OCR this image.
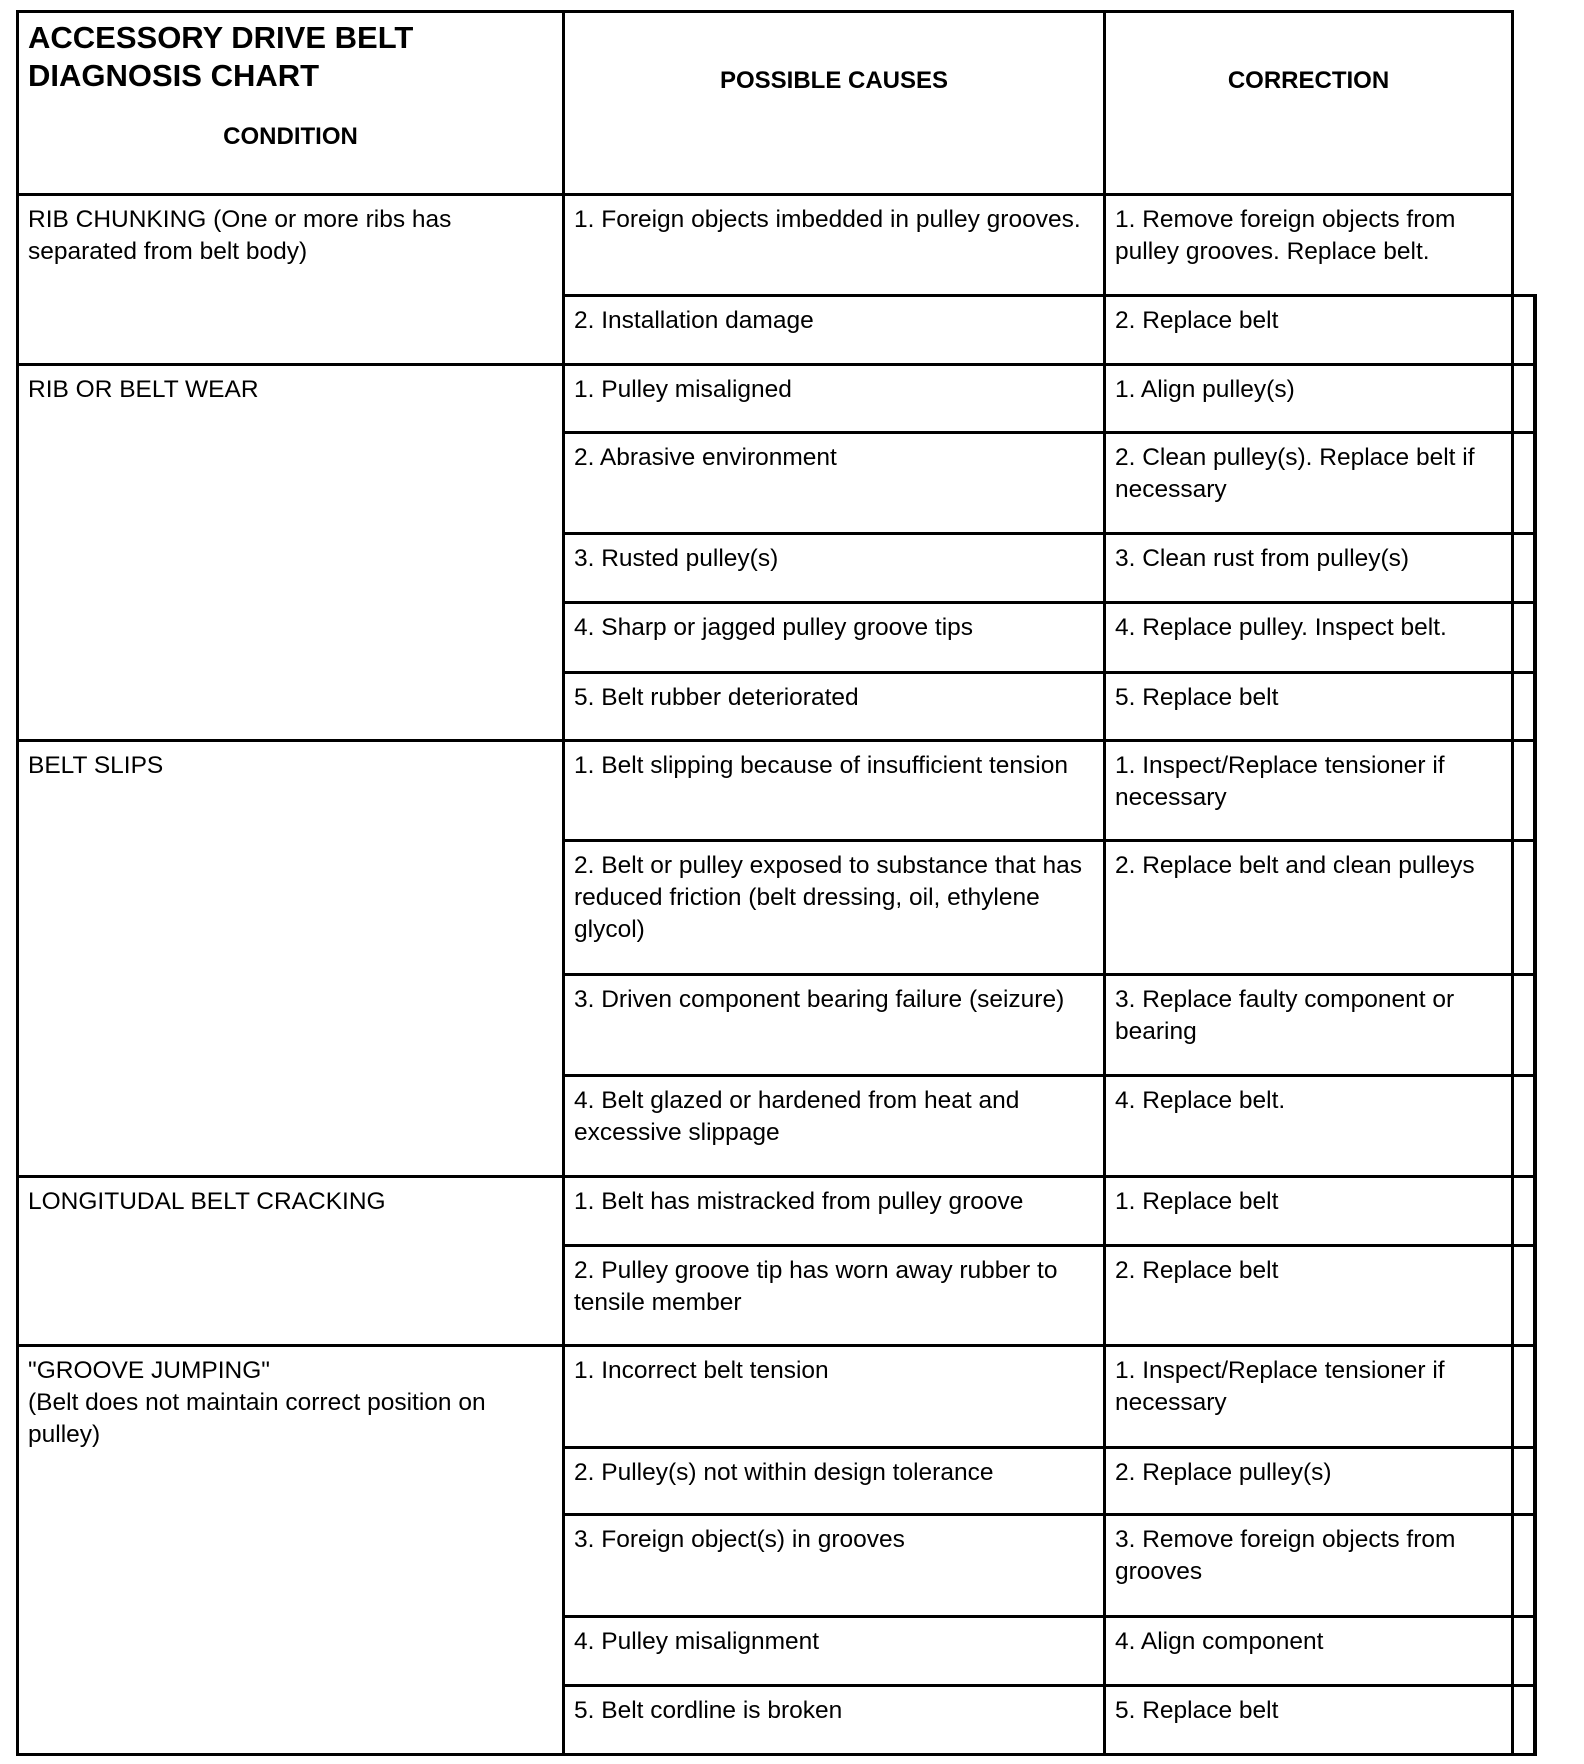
ACCESSORY DRIVE BELT DIAGNOSIS CHART
CONDITION	POSSIBLE CAUSES	CORRECTION	
RIB CHUNKING (One or more ribs has separated from belt body)	1. Foreign objects imbedded in pulley grooves.	1. Remove foreign objects from pulley grooves. Replace belt.	
	2. Installation damage	2. Replace belt	
RIB OR BELT WEAR	1. Pulley misaligned	1. Align pulley(s)	
	2. Abrasive environment	2. Clean pulley(s). Replace belt if necessary	
	3. Rusted pulley(s)	3. Clean rust from pulley(s)	
	4. Sharp or jagged pulley groove tips	4. Replace pulley. Inspect belt.	
	5. Belt rubber deteriorated	5. Replace belt	
BELT SLIPS	1. Belt slipping because of insufficient tension	1. Inspect/Replace tensioner if necessary	
	2. Belt or pulley exposed to substance that has reduced friction (belt dressing, oil, ethylene glycol)	2. Replace belt and clean pulleys	
	3. Driven component bearing failure (seizure)	3. Replace faulty component or bearing	
	4. Belt glazed or hardened from heat and excessive slippage	4. Replace belt.	
LONGITUDAL BELT CRACKING	1. Belt has mistracked from pulley groove	1. Replace belt	
	2. Pulley groove tip has worn away rubber to tensile member	2. Replace belt	
"GROOVE JUMPING"
(Belt does not maintain correct position on pulley)	1. Incorrect belt tension	1. Inspect/Replace tensioner if necessary	
	2. Pulley(s) not within design tolerance	2. Replace pulley(s)	
	3. Foreign object(s) in grooves	3. Remove foreign objects from grooves	
	4. Pulley misalignment	4. Align component	
	5. Belt cordline is broken	5. Replace belt	
